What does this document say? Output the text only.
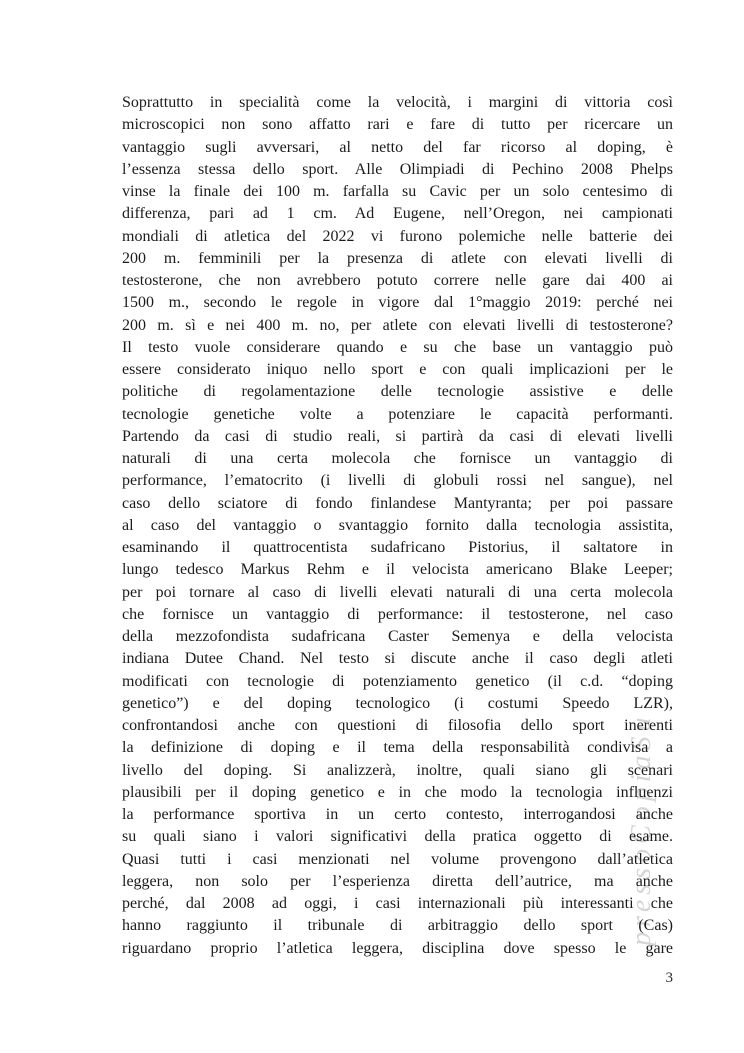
pressoCopiaSu
Soprattutto in specialità come la velocità, i margini di vittoria così
microscopici non sono affatto rari e fare di tutto per ricercare un
vantaggio sugli avversari, al netto del far ricorso al doping, è
l’essenza stessa dello sport. Alle Olimpiadi di Pechino 2008 Phelps
vinse la finale dei 100 m. farfalla su Cavic per un solo centesimo di
differenza, pari ad 1 cm. Ad Eugene, nell’Oregon, nei campionati
mondiali di atletica del 2022 vi furono polemiche nelle batterie dei
200 m. femminili per la presenza di atlete con elevati livelli di
testosterone, che non avrebbero potuto correre nelle gare dai 400 ai
1500 m., secondo le regole in vigore dal 1°maggio 2019: perché nei
200 m. sì e nei 400 m. no, per atlete con elevati livelli di testosterone?
Il testo vuole considerare quando e su che base un vantaggio può
essere considerato iniquo nello sport e con quali implicazioni per le
politiche di regolamentazione delle tecnologie assistive e delle
tecnologie genetiche volte a potenziare le capacità performanti.
Partendo da casi di studio reali, si partirà da casi di elevati livelli
naturali di una certa molecola che fornisce un vantaggio di
performance, l’ematocrito (i livelli di globuli rossi nel sangue), nel
caso dello sciatore di fondo finlandese Mantyranta; per poi passare
al caso del vantaggio o svantaggio fornito dalla tecnologia assistita,
esaminando il quattrocentista sudafricano Pistorius, il saltatore in
lungo tedesco Markus Rehm e il velocista americano Blake Leeper;
per poi tornare al caso di livelli elevati naturali di una certa molecola
che fornisce un vantaggio di performance: il testosterone, nel caso
della mezzofondista sudafricana Caster Semenya e della velocista
indiana Dutee Chand. Nel testo si discute anche il caso degli atleti
modificati con tecnologie di potenziamento genetico (il c.d. “doping
genetico”) e del doping tecnologico (i costumi Speedo LZR),
confrontandosi anche con questioni di filosofia dello sport inerenti
la definizione di doping e il tema della responsabilità condivisa a
livello del doping. Si analizzerà, inoltre, quali siano gli scenari
plausibili per il doping genetico e in che modo la tecnologia influenzi
la performance sportiva in un certo contesto, interrogandosi anche
su quali siano i valori significativi della pratica oggetto di esame.
Quasi tutti i casi menzionati nel volume provengono dall’atletica
leggera, non solo per l’esperienza diretta dell’autrice, ma anche
perché, dal 2008 ad oggi, i casi internazionali più interessanti che
hanno raggiunto il tribunale di arbitraggio dello sport (Cas)
riguardano proprio l’atletica leggera, disciplina dove spesso le gare
3
